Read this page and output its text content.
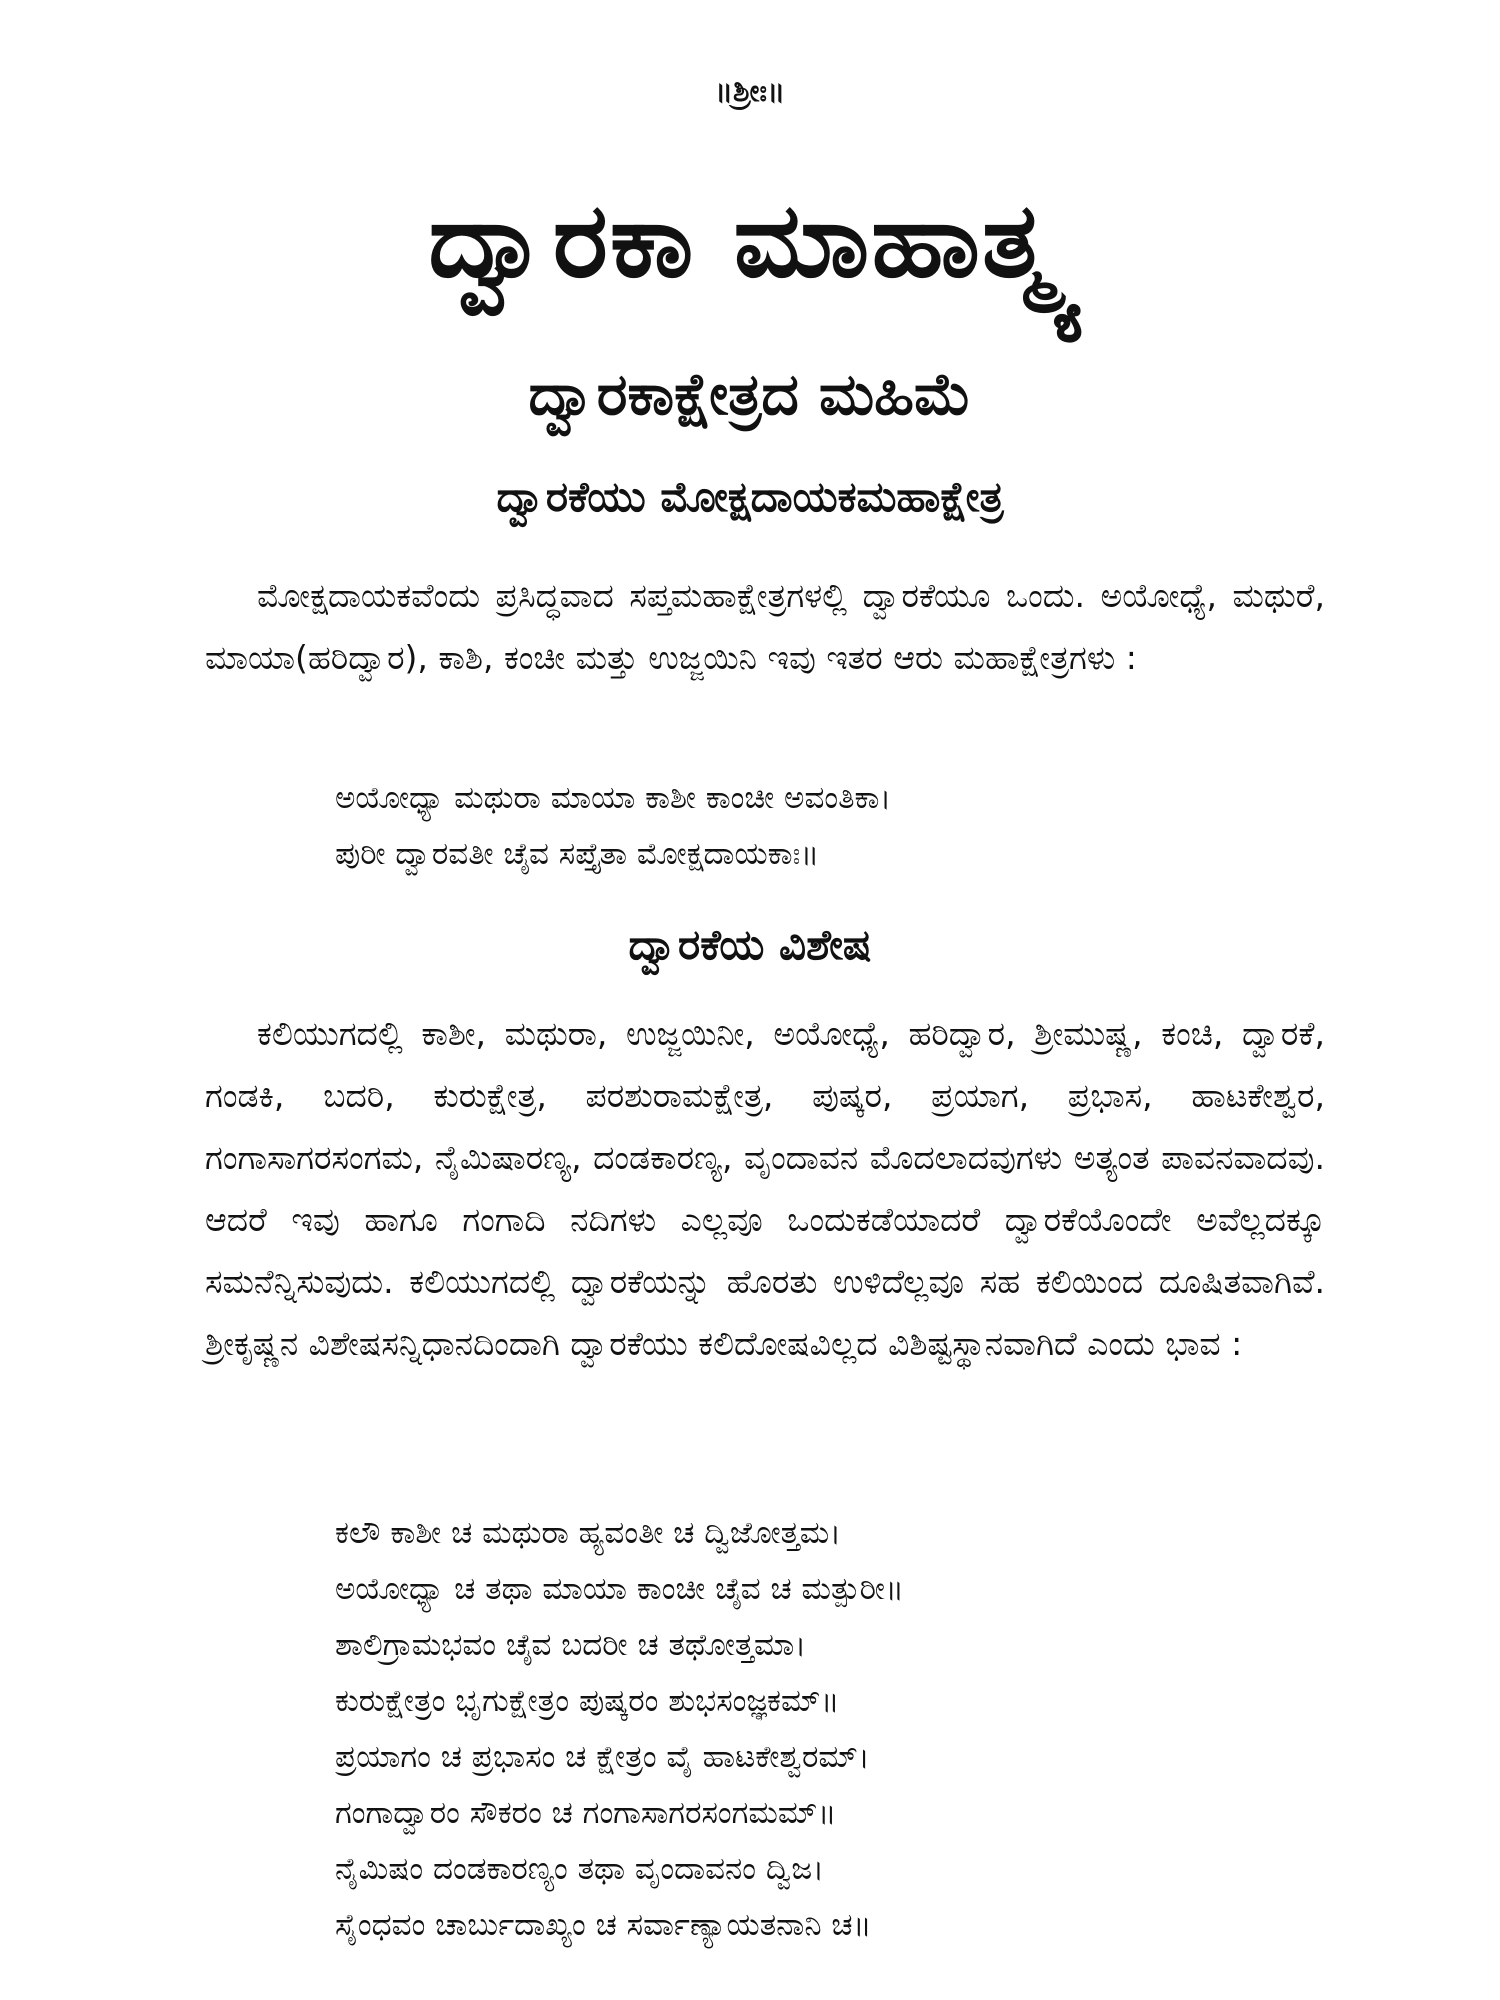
॥ಶ್ರೀಃ॥
ದ್ವಾರಕಾ ಮಾಹಾತ್ಮ್ಯ
ದ್ವಾರಕಾಕ್ಷೇತ್ರದ ಮಹಿಮೆ
ದ್ವಾರಕೆಯು ಮೋಕ್ಷದಾಯಕಮಹಾಕ್ಷೇತ್ರ
ಮೋಕ್ಷದಾಯಕವೆಂದು ಪ್ರಸಿದ್ಧವಾದ ಸಪ್ತಮಹಾಕ್ಷೇತ್ರಗಳಲ್ಲಿ ದ್ವಾರಕೆಯೂ ಒಂದು. ಅಯೋಧ್ಯೆ, ಮಥುರೆ, ಮಾಯಾ(ಹರಿದ್ವಾರ), ಕಾಶಿ, ಕಂಚೀ ಮತ್ತು ಉಜ್ಜಯಿನಿ ಇವು ಇತರ ಆರು ಮಹಾಕ್ಷೇತ್ರಗಳು :
ಅಯೋಧ್ಯಾ ಮಥುರಾ ಮಾಯಾ ಕಾಶೀ ಕಾಂಚೀ ಅವಂತಿಕಾ।
ಪುರೀ ದ್ವಾರವತೀ ಚೈವ ಸಪ್ತೈತಾ ಮೋಕ್ಷದಾಯಕಾಃ॥
ದ್ವಾರಕೆಯ ವಿಶೇಷ
ಕಲಿಯುಗದಲ್ಲಿ ಕಾಶೀ, ಮಥುರಾ, ಉಜ್ಜಯಿನೀ, ಅಯೋಧ್ಯೆ, ಹರಿದ್ವಾರ, ಶ್ರೀಮುಷ್ಣ, ಕಂಚಿ, ದ್ವಾರಕೆ, ಗಂಡಕಿ, ಬದರಿ, ಕುರುಕ್ಷೇತ್ರ, ಪರಶುರಾಮಕ್ಷೇತ್ರ, ಪುಷ್ಕರ, ಪ್ರಯಾಗ, ಪ್ರಭಾಸ, ಹಾಟಕೇಶ್ವರ, ಗಂಗಾಸಾಗರಸಂಗಮ, ನೈಮಿಷಾರಣ್ಯ, ದಂಡಕಾರಣ್ಯ, ವೃಂದಾವನ ಮೊದಲಾದವುಗಳು ಅತ್ಯಂತ ಪಾವನವಾದವು. ಆದರೆ ಇವು ಹಾಗೂ ಗಂಗಾದಿ ನದಿಗಳು ಎಲ್ಲವೂ ಒಂದುಕಡೆಯಾದರೆ ದ್ವಾರಕೆಯೊಂದೇ ಅವೆಲ್ಲದಕ್ಕೂ ಸಮನೆನ್ನಿಸುವುದು. ಕಲಿಯುಗದಲ್ಲಿ ದ್ವಾರಕೆಯನ್ನು ಹೊರತು ಉಳಿದೆಲ್ಲವೂ ಸಹ ಕಲಿಯಿಂದ ದೂಷಿತವಾಗಿವೆ. ಶ್ರೀಕೃಷ್ಣನ ವಿಶೇಷಸನ್ನಿಧಾನದಿಂದಾಗಿ ದ್ವಾರಕೆಯು ಕಲಿದೋಷವಿಲ್ಲದ ವಿಶಿಷ್ಟಸ್ಥಾನವಾಗಿದೆ ಎಂದು ಭಾವ :
ಕಲೌ ಕಾಶೀ ಚ ಮಥುರಾ ಹ್ಯವಂತೀ ಚ ದ್ವಿಜೋತ್ತಮ।
ಅಯೋಧ್ಯಾ ಚ ತಥಾ ಮಾಯಾ ಕಾಂಚೀ ಚೈವ ಚ ಮತ್ಪುರೀ॥
ಶಾಲಿಗ್ರಾಮಭವಂ ಚೈವ ಬದರೀ ಚ ತಥೋತ್ತಮಾ।
ಕುರುಕ್ಷೇತ್ರಂ ಭೃಗುಕ್ಷೇತ್ರಂ ಪುಷ್ಕರಂ ಶುಭಸಂಜ್ಞಕಮ್॥
ಪ್ರಯಾಗಂ ಚ ಪ್ರಭಾಸಂ ಚ ಕ್ಷೇತ್ರಂ ವೈ ಹಾಟಕೇಶ್ವರಮ್।
ಗಂಗಾದ್ವಾರಂ ಸೌಕರಂ ಚ ಗಂಗಾಸಾಗರಸಂಗಮಮ್॥
ನೈಮಿಷಂ ದಂಡಕಾರಣ್ಯಂ ತಥಾ ವೃಂದಾವನಂ ದ್ವಿಜ।
ಸೈಂಧವಂ ಚಾರ್ಬುದಾಖ್ಯಂ ಚ ಸರ್ವಾಣ್ಯಾಯತನಾನಿ ಚ॥
